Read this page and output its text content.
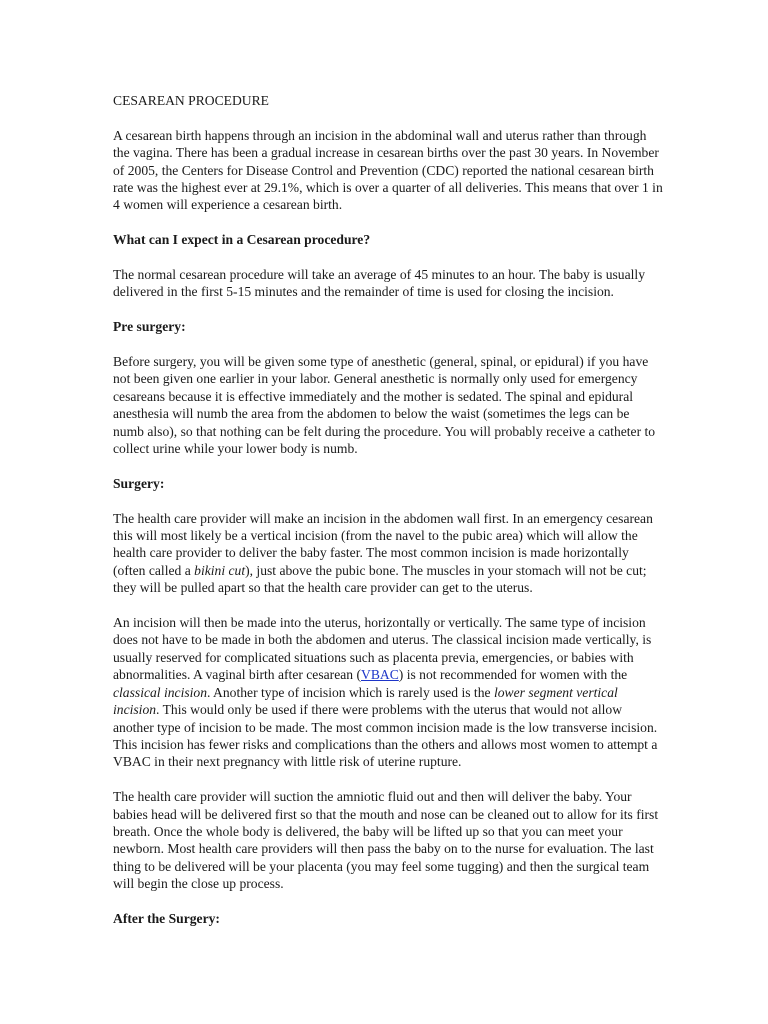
CESAREAN PROCEDURE

A cesarean birth happens through an incision in the abdominal wall and uterus rather than through the vagina. There has been a gradual increase in cesarean births over the past 30 years. In November of 2005, the Centers for Disease Control and Prevention (CDC) reported the national cesarean birth rate was the highest ever at 29.1%, which is over a quarter of all deliveries. This means that over 1 in 4 women will experience a cesarean birth.

What can I expect in a Cesarean procedure?

The normal cesarean procedure will take an average of 45 minutes to an hour. The baby is usually delivered in the first 5-15 minutes and the remainder of time is used for closing the incision.

Pre surgery:

Before surgery, you will be given some type of anesthetic (general, spinal, or epidural) if you have not been given one earlier in your labor. General anesthetic is normally only used for emergency cesareans because it is effective immediately and the mother is sedated. The spinal and epidural anesthesia will numb the area from the abdomen to below the waist (sometimes the legs can be numb also), so that nothing can be felt during the procedure. You will probably receive a catheter to collect urine while your lower body is numb.

Surgery:

The health care provider will make an incision in the abdomen wall first. In an emergency cesarean this will most likely be a vertical incision (from the navel to the pubic area) which will allow the health care provider to deliver the baby faster. The most common incision is made horizontally (often called a bikini cut), just above the pubic bone. The muscles in your stomach will not be cut; they will be pulled apart so that the health care provider can get to the uterus.

An incision will then be made into the uterus, horizontally or vertically. The same type of incision does not have to be made in both the abdomen and uterus. The classical incision made vertically, is usually reserved for complicated situations such as placenta previa, emergencies, or babies with abnormalities. A vaginal birth after cesarean (VBAC) is not recommended for women with the classical incision. Another type of incision which is rarely used is the lower segment vertical incision. This would only be used if there were problems with the uterus that would not allow another type of incision to be made. The most common incision made is the low transverse incision. This incision has fewer risks and complications than the others and allows most women to attempt a VBAC in their next pregnancy with little risk of uterine rupture.

The health care provider will suction the amniotic fluid out and then will deliver the baby. Your babies head will be delivered first so that the mouth and nose can be cleaned out to allow for its first breath. Once the whole body is delivered, the baby will be lifted up so that you can meet your newborn. Most health care providers will then pass the baby on to the nurse for evaluation. The last thing to be delivered will be your placenta (you may feel some tugging) and then the surgical team will begin the close up process.

After the Surgery:
